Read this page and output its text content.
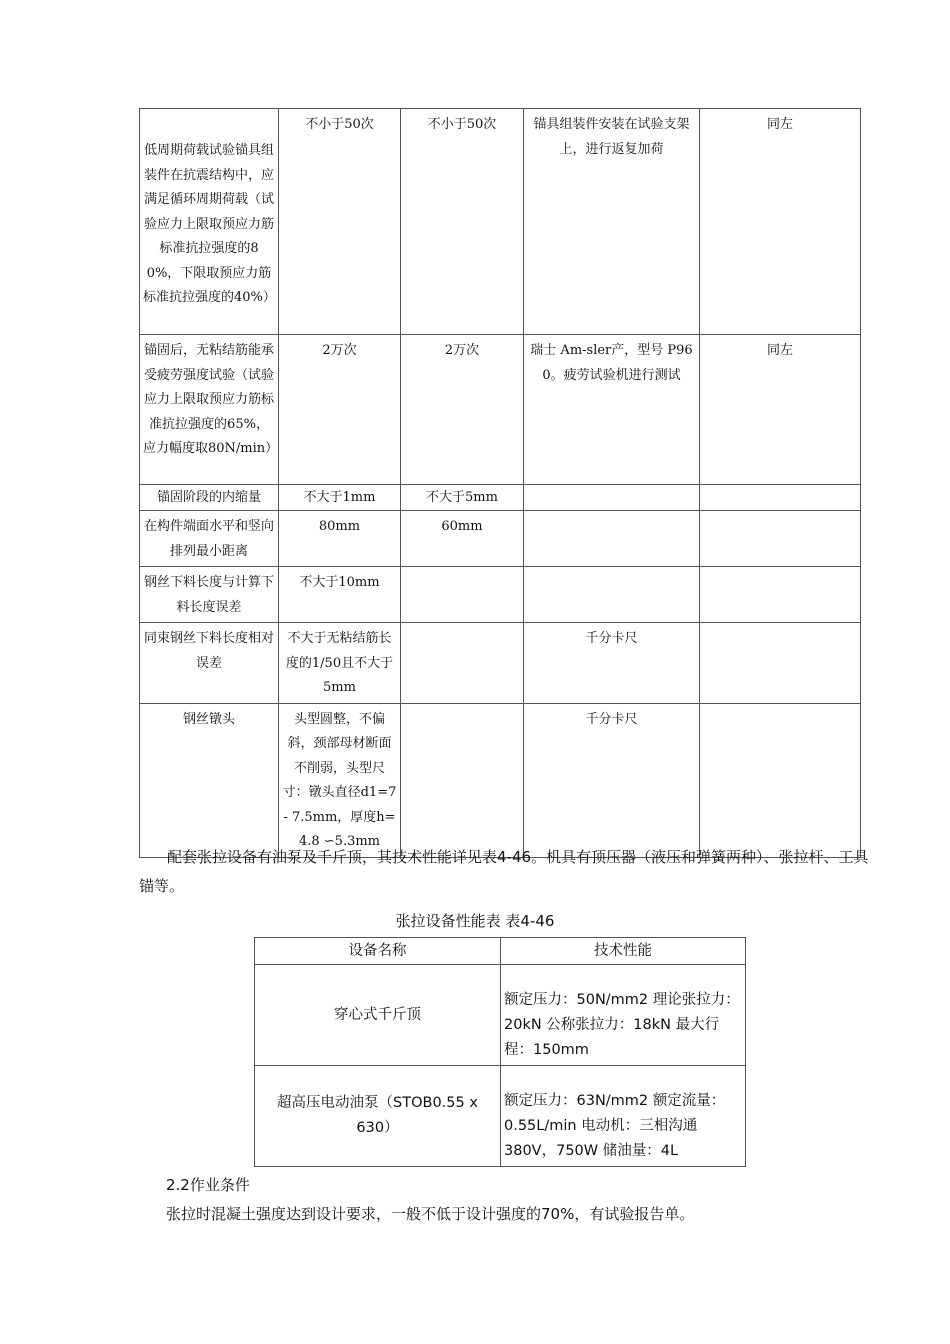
低周期荷载试验锚具组装件在抗震结构中，应满足循环周期荷载（试验应力上限取预应力筋标准抗拉强度的80%，下限取预应力筋标准抗拉强度的40%）	不小于50次	不小于50次	锚具组装件安装在试验支架上，进行返复加荷	同左
锚固后，无粘结筋能承受疲劳强度试验（试验应力上限取预应力筋标准抗拉强度的65%，应力幅度取80N/min）	2万次	2万次	瑞士 Am-sler产，型号 P960。疲劳试验机进行测试	同左
锚固阶段的内缩量	不大于1mm	不大于5mm		
在构件端面水平和竖向排列最小距离	80mm	60mm		
钢丝下料长度与计算下料长度误差	不大于10mm			
同束钢丝下料长度相对误差	不大于无粘结筋长度的1/50且不大于5mm		千分卡尺	
钢丝镦头	头型圆整，不偏斜，颈部母材断面不削弱，头型尺寸：镦头直径d1=7 - 7.5mm，厚度h=4.8 ∽5.3mm		千分卡尺	
配套张拉设备有油泵及千斤顶，其技术性能详见表4-46。机具有顶压器（液压和弹簧两种）、张拉杆、工具锚等。
张拉设备性能表 表4-46
设备名称	技术性能
穿心式千斤顶	额定压力：50N/mm2 理论张拉力：20kN 公称张拉力：18kN 最大行程：150mm
超高压电动油泵（STOB0.55 x 630）	额定压力：63N/mm2 额定流量：0.55L/min 电动机：三相沟通380V，750W 储油量：4L
2.2作业条件
张拉时混凝土强度达到设计要求，一般不低于设计强度的70%，有试验报告单。
